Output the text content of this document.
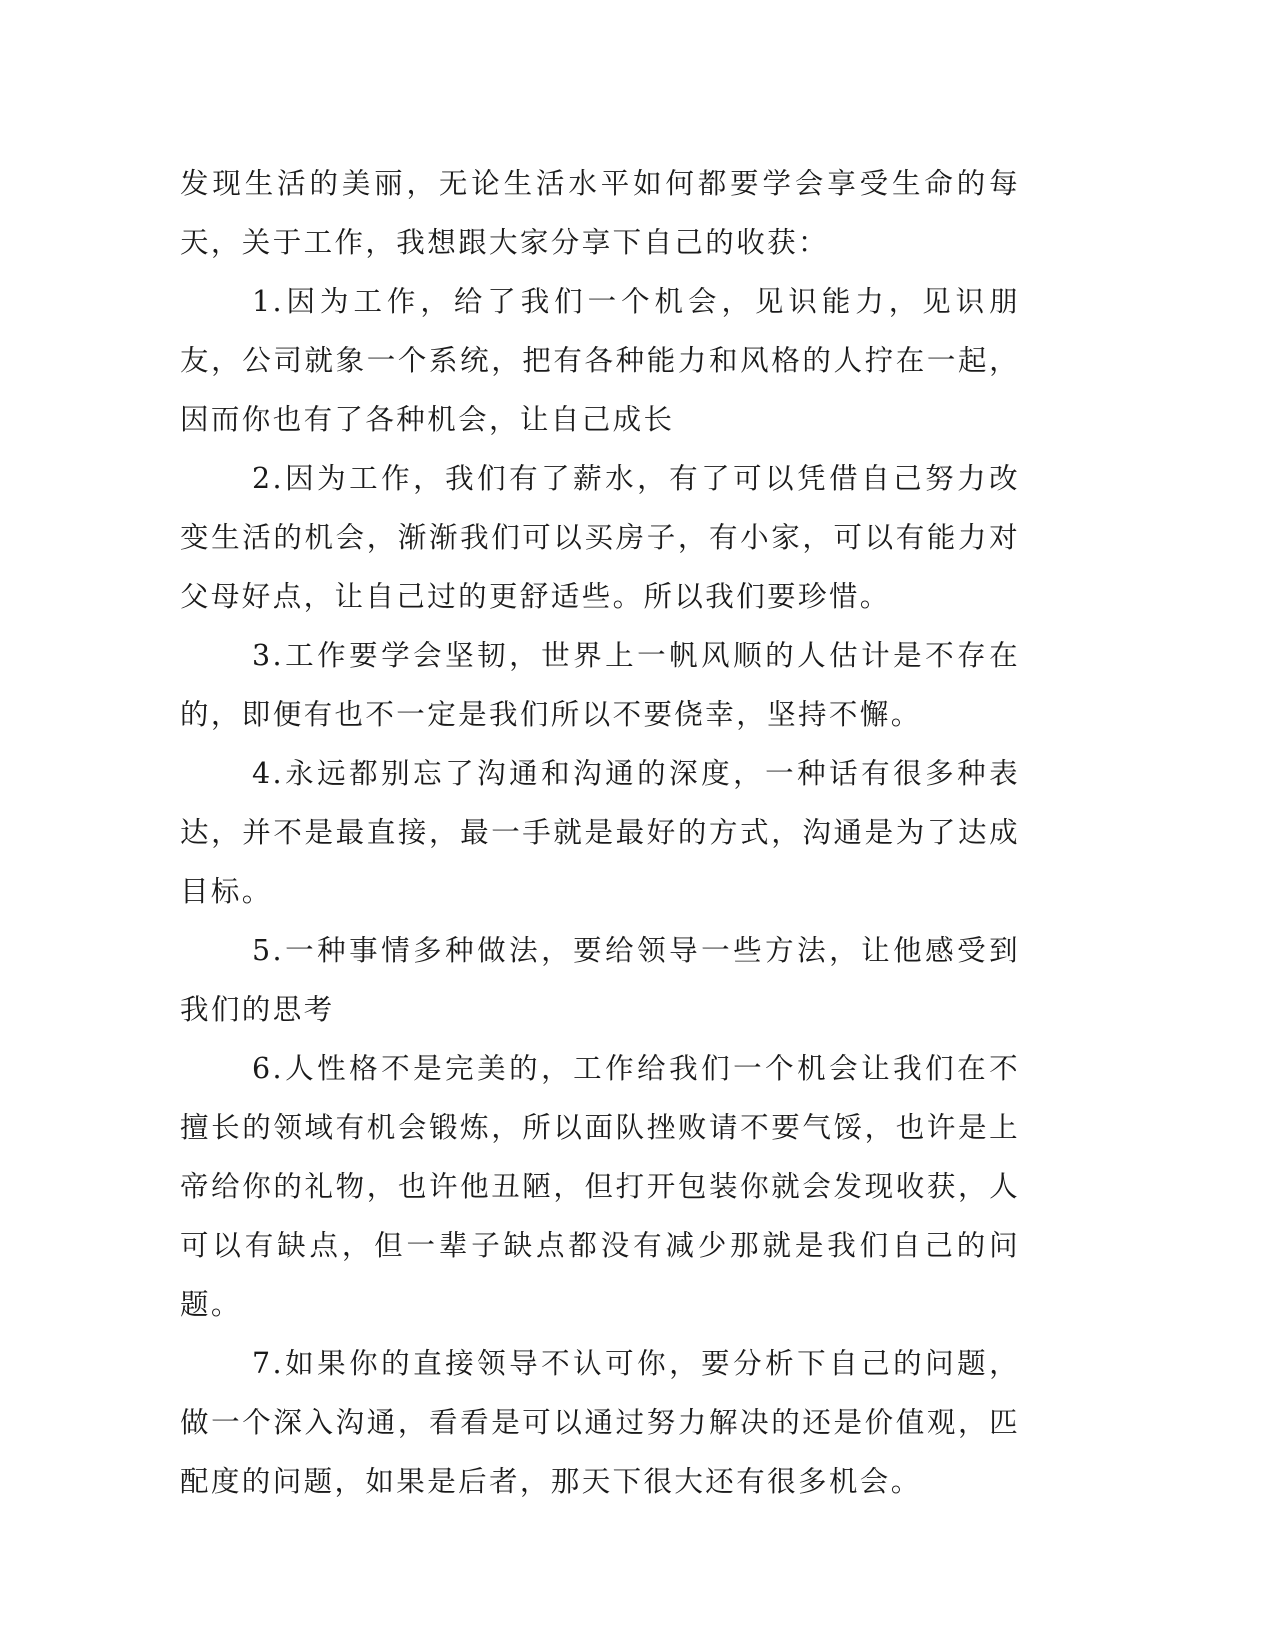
发现生活的美丽，无论生活水平如何都要学会享受生命的每天，关于工作，我想跟大家分享下自己的收获：

1.因为工作，给了我们一个机会，见识能力，见识朋友，公司就象一个系统，把有各种能力和风格的人拧在一起，因而你也有了各种机会，让自己成长

2.因为工作，我们有了薪水，有了可以凭借自己努力改变生活的机会，渐渐我们可以买房子，有小家，可以有能力对父母好点，让自己过的更舒适些。所以我们要珍惜。

3.工作要学会坚韧，世界上一帆风顺的人估计是不存在的，即便有也不一定是我们所以不要侥幸，坚持不懈。

4.永远都别忘了沟通和沟通的深度，一种话有很多种表达，并不是最直接，最一手就是最好的方式，沟通是为了达成目标。

5.一种事情多种做法，要给领导一些方法，让他感受到我们的思考

6.人性格不是完美的，工作给我们一个机会让我们在不擅长的领域有机会锻炼，所以面队挫败请不要气馁，也许是上帝给你的礼物，也许他丑陋，但打开包装你就会发现收获，人可以有缺点，但一辈子缺点都没有减少那就是我们自己的问题。

7.如果你的直接领导不认可你，要分析下自己的问题，做一个深入沟通，看看是可以通过努力解决的还是价值观，匹配度的问题，如果是后者，那天下很大还有很多机会。
